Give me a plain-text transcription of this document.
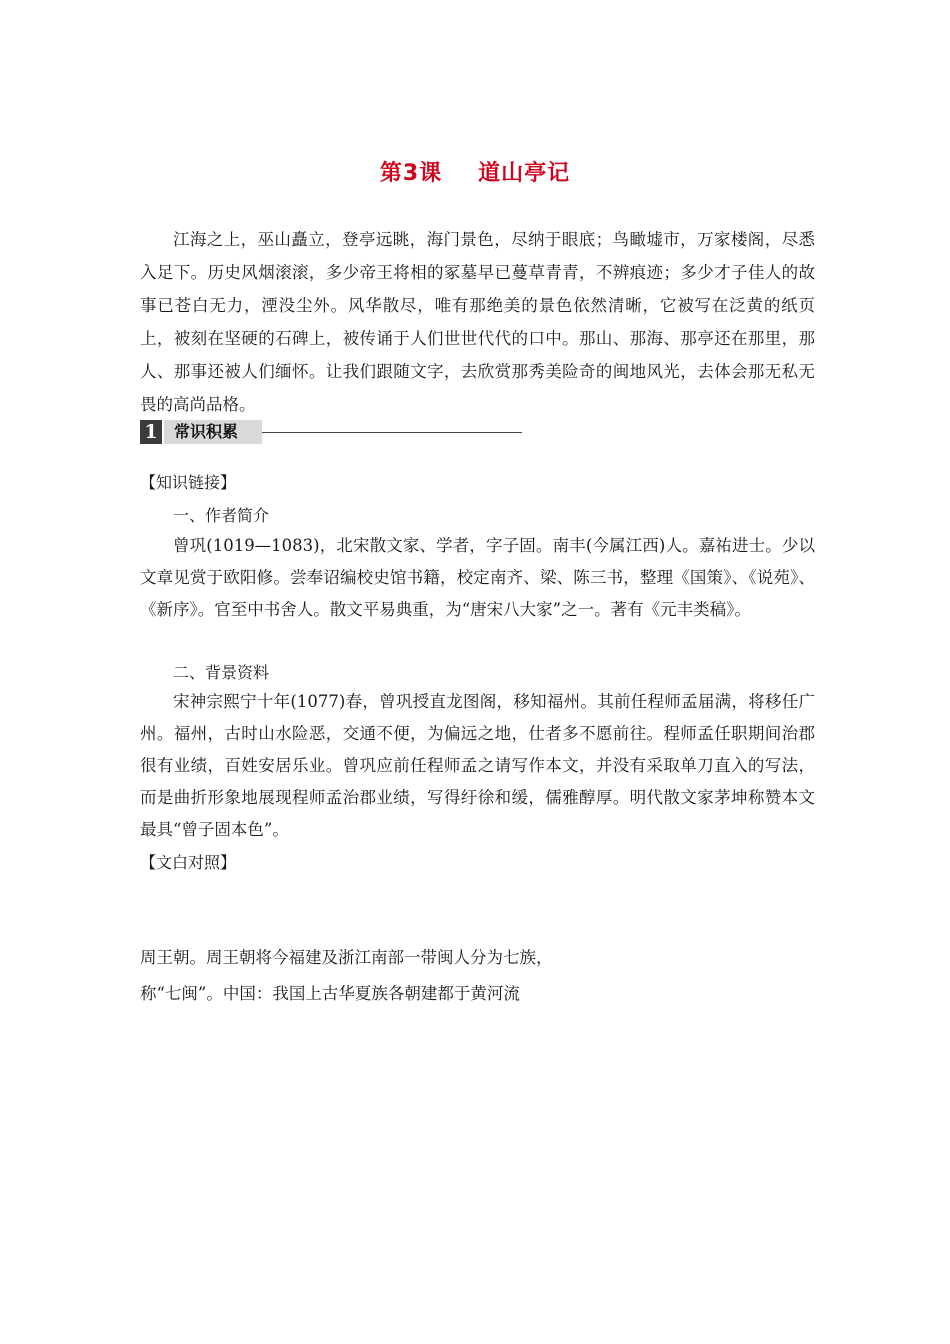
第3课 道山亭记

江海之上，巫山矗立，登亭远眺，海门景色，尽纳于眼底；鸟瞰墟市，万家楼阁，尽悉入足下。历史风烟滚滚，多少帝王将相的冢墓早已蔓草青青，不辨痕迹；多少才子佳人的故事已苍白无力，湮没尘外。风华散尽，唯有那绝美的景色依然清晰，它被写在泛黄的纸页上，被刻在坚硬的石碑上，被传诵于人们世世代代的口中。那山、那海、那亭还在那里，那人、那事还被人们缅怀。让我们跟随文字，去欣赏那秀美险奇的闽地风光，去体会那无私无畏的高尚品格。

1	常识积累
【知识链接】
一、作者简介

曾巩(1019—1083)，北宋散文家、学者，字子固。南丰(今属江西)人。嘉祐进士。少以文章见赏于欧阳修。尝奉诏编校史馆书籍，校定南齐、梁、陈三书，整理《国策》、《说苑》、《新序》。官至中书舍人。散文平易典重，为“唐宋八大家”之一。著有《元丰类稿》。

二、背景资料

宋神宗熙宁十年(1077)春，曾巩授直龙图阁，移知福州。其前任程师孟届满，将移任广州。福州，古时山水险恶，交通不便，为偏远之地，仕者多不愿前往。程师孟任职期间治郡很有业绩，百姓安居乐业。曾巩应前任程师孟之请写作本文，并没有采取单刀直入的写法，而是曲折形象地展现程师孟治郡业绩，写得纡徐和缓，儒雅醇厚。明代散文家茅坤称赞本文最具“曾子固本色”。

【文白对照】

周王朝。周王朝将今福建及浙江南部一带闽人分为七族，

称“七闽”。中国：我国上古华夏族各朝建都于黄河流
